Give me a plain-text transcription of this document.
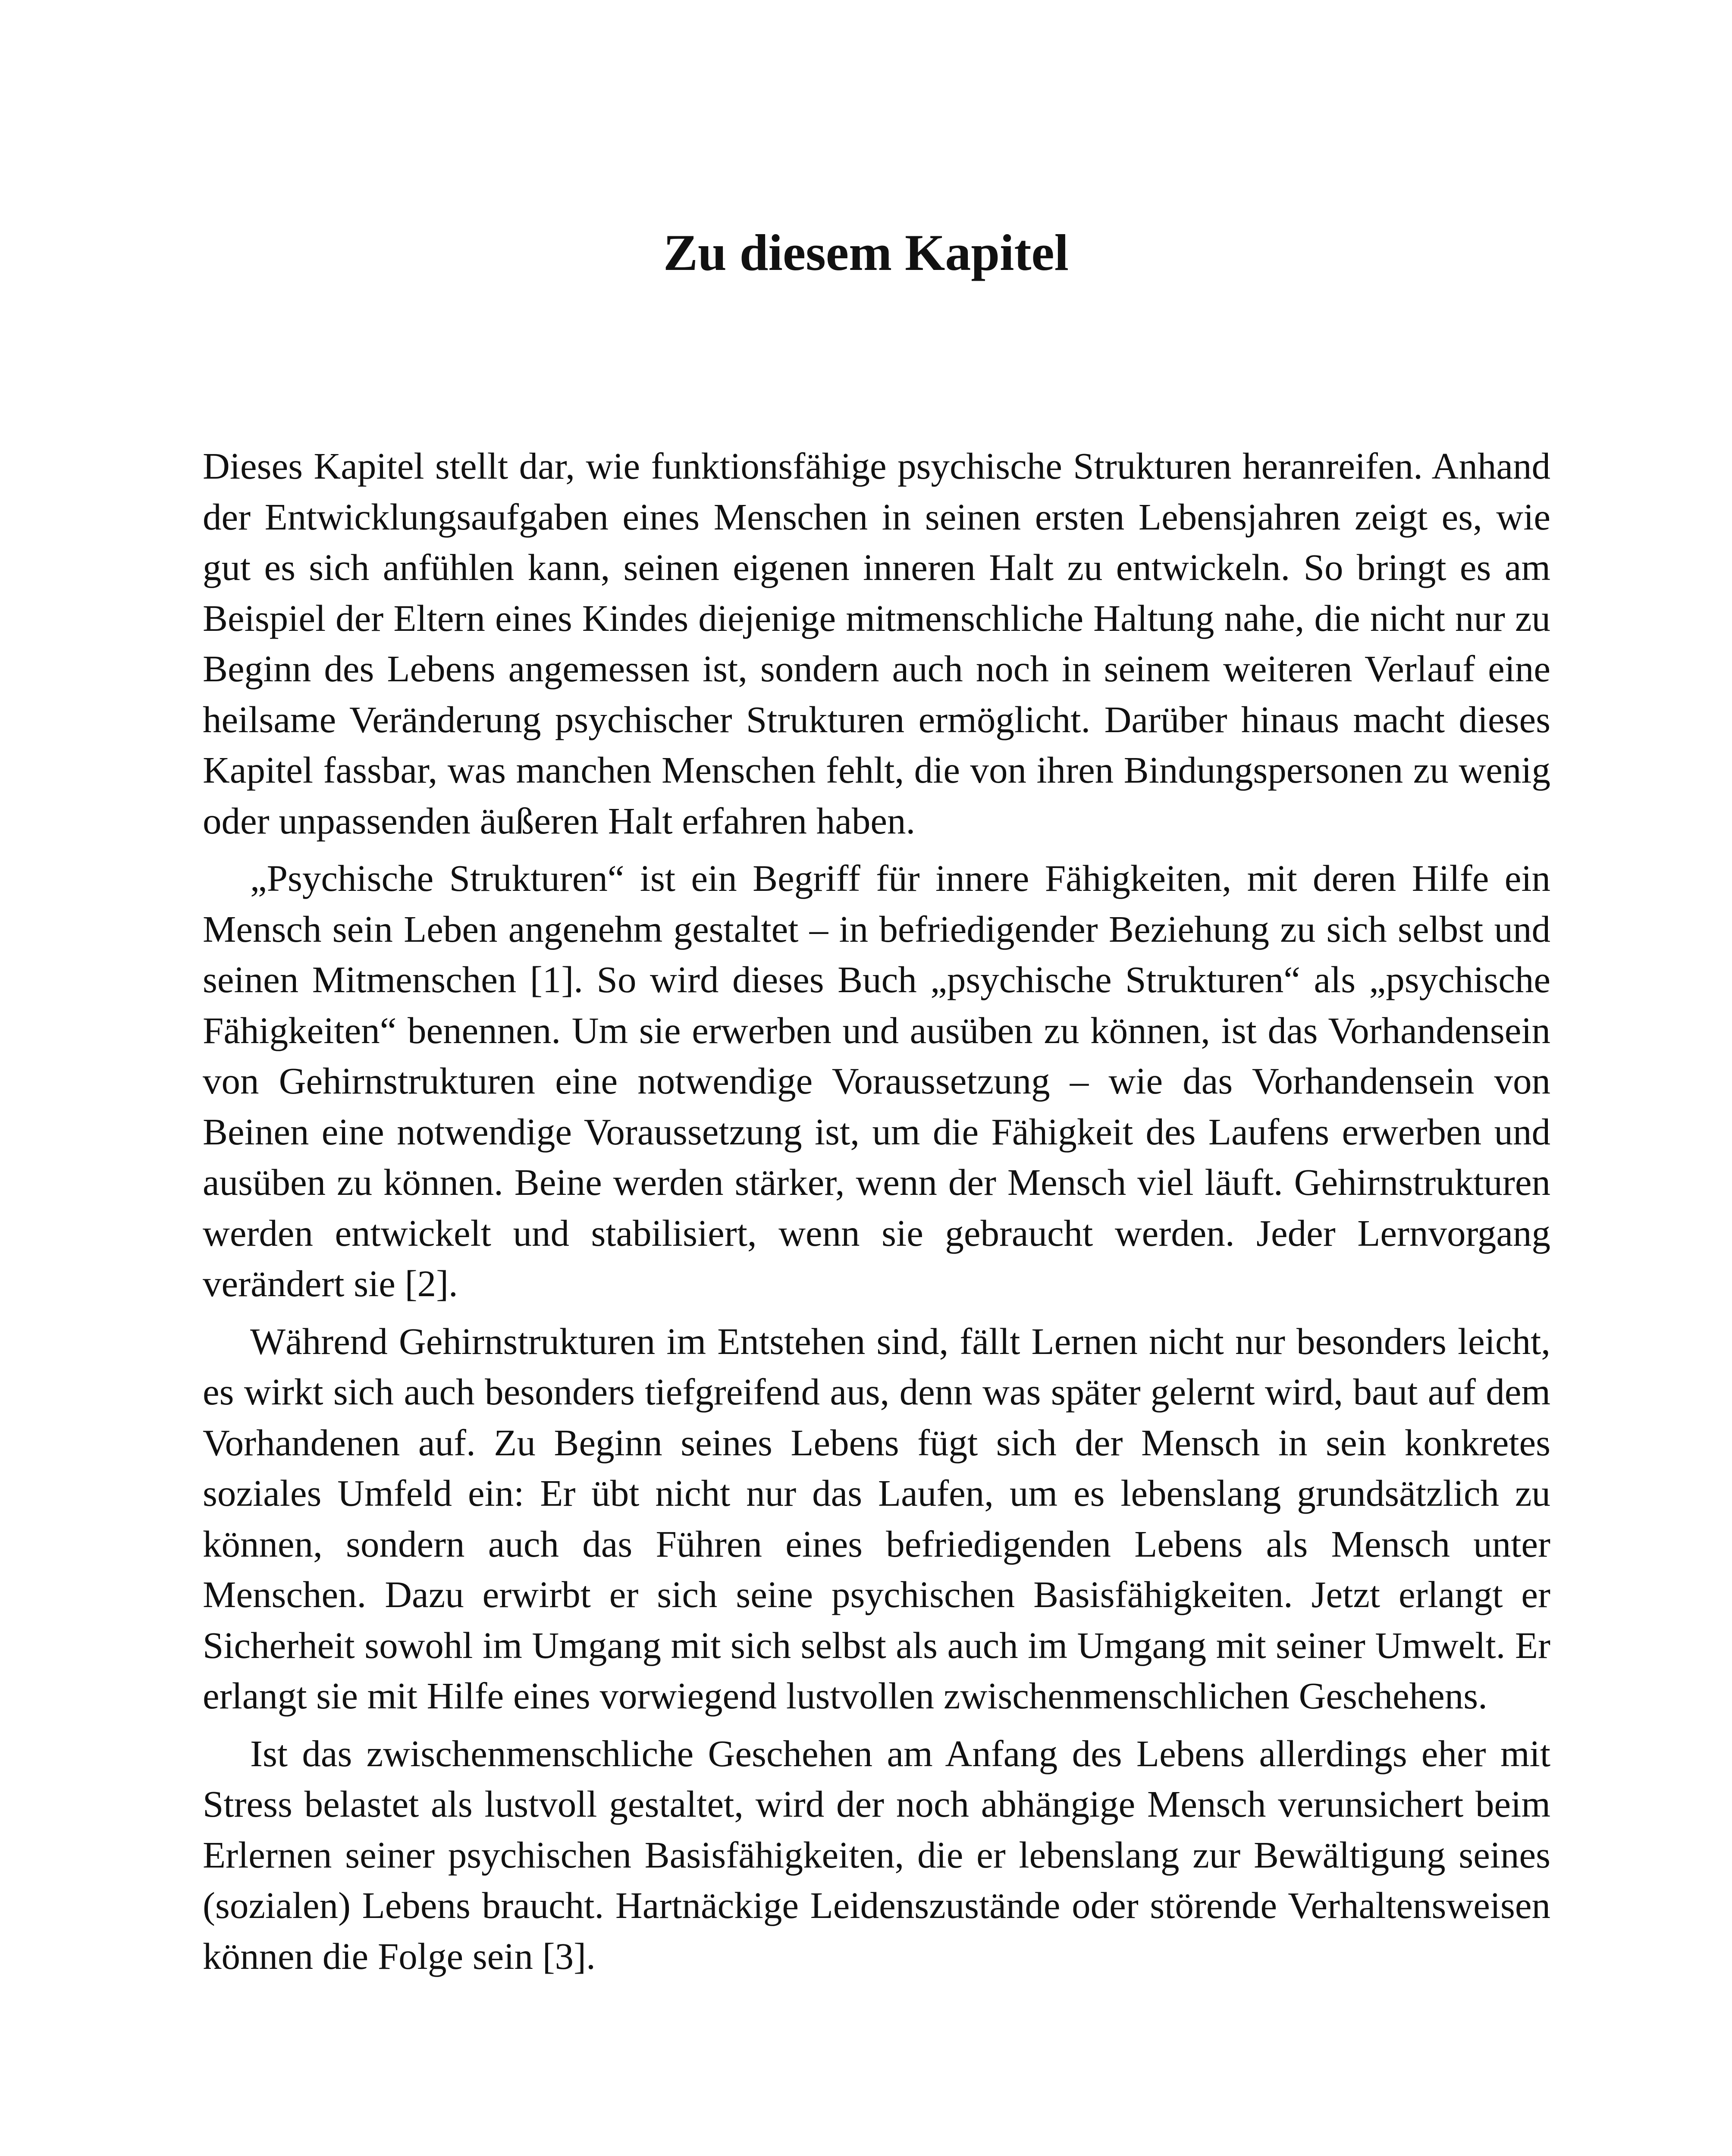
Zu diesem Kapitel

Dieses Kapitel stellt dar, wie funktionsfähige psychische Strukturen heranreifen. Anhand der Entwicklungsaufgaben eines Menschen in seinen ersten Lebensjahren zeigt es, wie gut es sich anfühlen kann, seinen eigenen inneren Halt zu entwickeln. So bringt es am Beispiel der Eltern eines Kindes diejenige mitmenschliche Haltung nahe, die nicht nur zu Beginn des Lebens angemessen ist, sondern auch noch in seinem weiteren Verlauf eine heilsame Veränderung psychischer Strukturen ermöglicht. Darüber hinaus macht dieses Kapitel fassbar, was manchen Menschen fehlt, die von ihren Bindungspersonen zu wenig oder unpassenden äußeren Halt erfahren haben.

„Psychische Strukturen“ ist ein Begriff für innere Fähigkeiten, mit deren Hilfe ein Mensch sein Leben angenehm gestaltet – in befriedigender Beziehung zu sich selbst und seinen Mitmenschen [1]. So wird dieses Buch „psychische Strukturen“ als „psychische Fähigkeiten“ benennen. Um sie erwerben und ausüben zu können, ist das Vorhandensein von Gehirnstrukturen eine notwendige Voraussetzung – wie das Vorhandensein von Beinen eine notwendige Voraussetzung ist, um die Fähigkeit des Laufens erwerben und ausüben zu können. Beine werden stärker, wenn der Mensch viel läuft. Gehirnstrukturen werden entwickelt und stabilisiert, wenn sie gebraucht werden. Jeder Lernvorgang verändert sie [2].

Während Gehirnstrukturen im Entstehen sind, fällt Lernen nicht nur besonders leicht, es wirkt sich auch besonders tiefgreifend aus, denn was später gelernt wird, baut auf dem Vorhandenen auf. Zu Beginn seines Lebens fügt sich der Mensch in sein konkretes soziales Umfeld ein: Er übt nicht nur das Laufen, um es lebenslang grundsätzlich zu können, sondern auch das Führen eines befriedigenden Lebens als Mensch unter Menschen. Dazu erwirbt er sich seine psychischen Basisfähigkeiten. Jetzt erlangt er Sicherheit sowohl im Umgang mit sich selbst als auch im Umgang mit seiner Umwelt. Er erlangt sie mit Hilfe eines vorwiegend lustvollen zwischenmenschlichen Geschehens.

Ist das zwischenmenschliche Geschehen am Anfang des Lebens allerdings eher mit Stress belastet als lustvoll gestaltet, wird der noch abhängige Mensch verunsichert beim Erlernen seiner psychischen Basisfähigkeiten, die er lebenslang zur Bewältigung seines (sozialen) Lebens braucht. Hartnäckige Leidenszustände oder störende Verhaltensweisen können die Folge sein [3].
